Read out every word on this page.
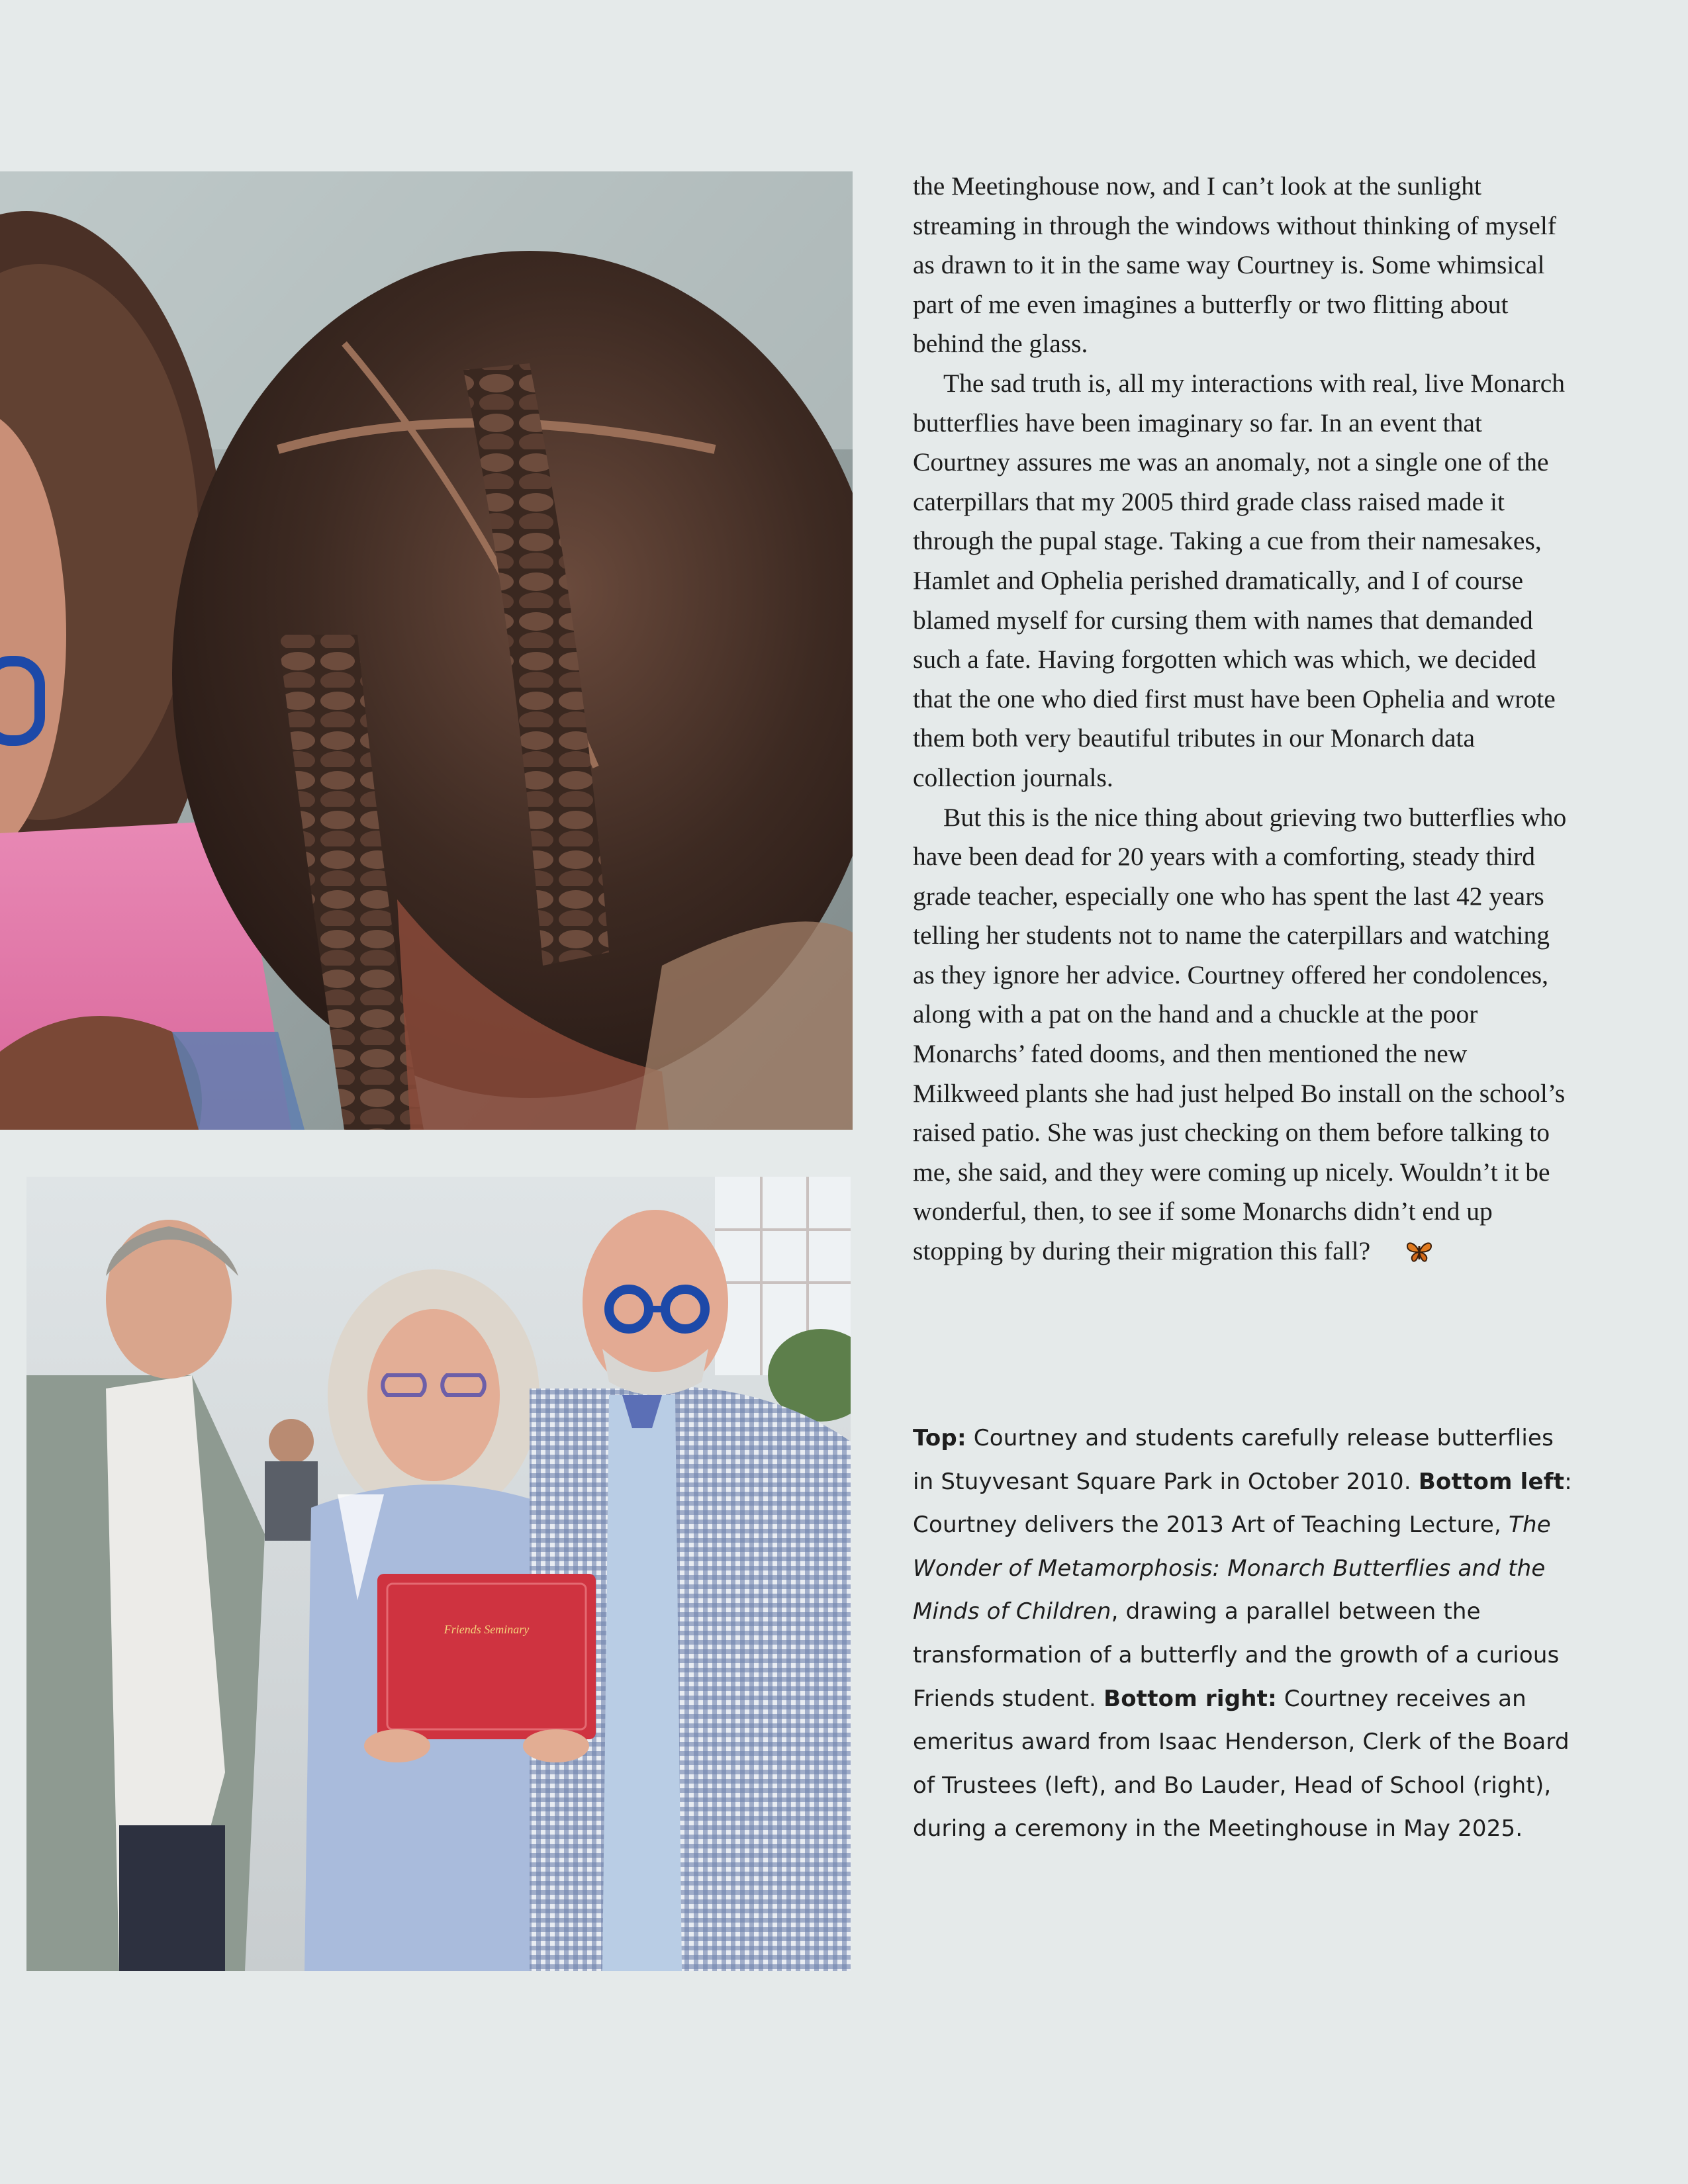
Friends Seminary

the Meetinghouse now, and I can’t look at the sunlight streaming in through the windows without thinking of myself as drawn to it in the same way Courtney is. Some whimsical part of me even imagines a butterfly or two flitting about behind the glass.

The sad truth is, all my interactions with real, live Monarch butterflies have been imaginary so far. In an event that Courtney assures me was an anomaly, not a single one of the caterpillars that my 2005 third grade class raised made it through the pupal stage. Taking a cue from their namesakes, Hamlet and Ophelia perished dramatically, and I of course blamed myself for cursing them with names that demanded such a fate. Having forgotten which was which, we decided that the one who died first must have been Ophelia and wrote them both very beautiful tributes in our Monarch data collection journals.

But this is the nice thing about grieving two butterflies who have been dead for 20 years with a comforting, steady third grade teacher, especially one who has spent the last 42 years telling her students not to name the caterpillars and watching as they ignore her advice. Courtney offered her condolences, along with a pat on the hand and a chuckle at the poor Monarchs’ fated dooms, and then mentioned the new Milkweed plants she had just helped Bo install on the school’s raised patio. She was just checking on them before talking to me, she said, and they were coming up nicely. Wouldn’t it be wonderful, then, to see if some Monarchs didn’t end up stopping by during their migration this fall?

Top: Courtney and students carefully release butterflies in Stuyvesant Square Park in October 2010. Bottom left: Courtney delivers the 2013 Art of Teaching Lecture, The Wonder of Metamorphosis: Monarch Butterflies and the Minds of Children, drawing a parallel between the transformation of a butterfly and the growth of a curious Friends student. Bottom right: Courtney receives an emeritus award from Isaac Henderson, Clerk of the Board of Trustees (left), and Bo Lauder, Head of School (right), during a ceremony in the Meetinghouse in May 2025.
